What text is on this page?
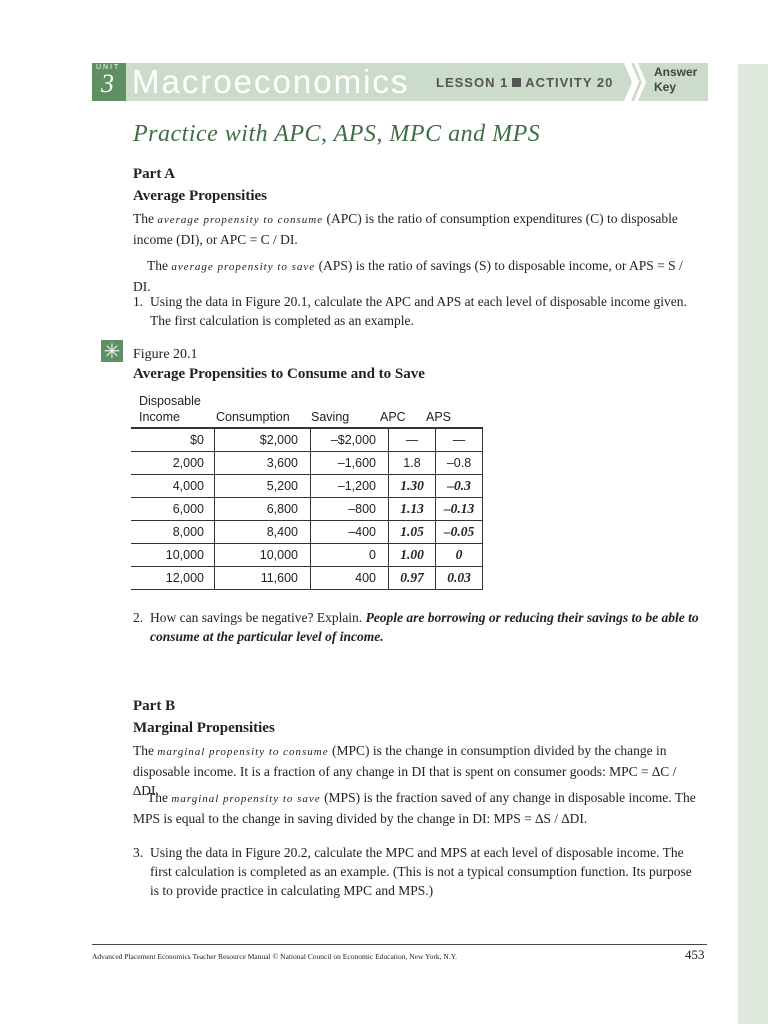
UNIT
3 Macroeconomics LESSON 1 ACTIVITY 20
Answer
Key
Practice with APC, APS, MPC and MPS
Part A
Average Propensities
The average propensity to consume (APC) is the ratio of consumption expenditures (C) to disposable income (DI), or APC = C / DI.
The average propensity to save (APS) is the ratio of savings (S) to disposable income, or APS = S / DI.
1. Using the data in Figure 20.1, calculate the APC and APS at each level of disposable income given. The first calculation is completed as an example.
✳ Figure 20.1
Average Propensities to Consume and to Save
Disposable
Income	Consumption Saving APC APS
$0	$2,000	–$2,000	—	—
2,000	3,600	–1,600	1.8	–0.8
4,000	5,200	–1,200	1.30	–0.3
6,000	6,800	–800	1.13	–0.13
8,000	8,400	–400	1.05	–0.05
10,000	10,000	0	1.00	0
12,000	11,600	400	0.97	0.03
2. How can savings be negative? Explain. People are borrowing or reducing their savings to be able to consume at the particular level of income.
Part B
Marginal Propensities
The marginal propensity to consume (MPC) is the change in consumption divided by the change in disposable income. It is a fraction of any change in DI that is spent on consumer goods: MPC = ∆C / ∆DI.
The marginal propensity to save (MPS) is the fraction saved of any change in disposable income. The MPS is equal to the change in saving divided by the change in DI: MPS = ∆S / ∆DI.
3. Using the data in Figure 20.2, calculate the MPC and MPS at each level of disposable income. The first calculation is completed as an example. (This is not a typical consumption function. Its purpose is to provide practice in calculating MPC and MPS.)
Advanced Placement Economics Teacher Resource Manual © National Council on Economic Education, New York, N.Y.	453
